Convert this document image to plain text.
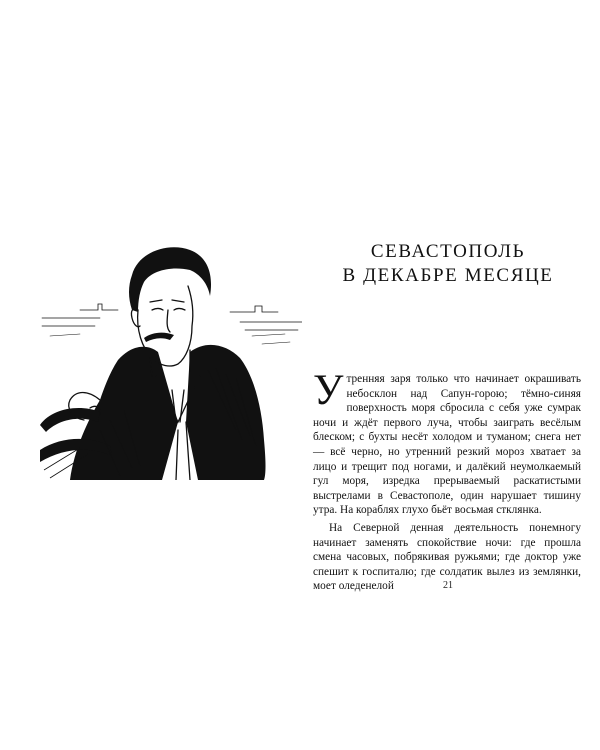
СЕВАСТОПОЛЬ
В ДЕКАБРЕ МЕСЯЦЕ

Утренняя заря только что начинает окрашивать небосклон над Сапун-горою; тёмно-синяя поверхность моря сбросила с себя уже сумрак ночи и ждёт первого луча, чтобы заиграть весёлым блеском; с бухты несёт холодом и туманом; снега нет — всё черно, но утренний резкий мороз хватает за лицо и трещит под ногами, и далёкий неумолкаемый гул моря, изредка прерываемый раскатистыми выстрелами в Севастополе, один нарушает тишину утра. На кораблях глухо бьёт восьмая стклянка.

На Северной денная деятельность понемногу начинает заменять спокойствие ночи: где прошла смена часовых, побрякивая ружьями; где доктор уже спешит к госпиталю; где солдатик вылез из землянки, моет оледенелой	21
